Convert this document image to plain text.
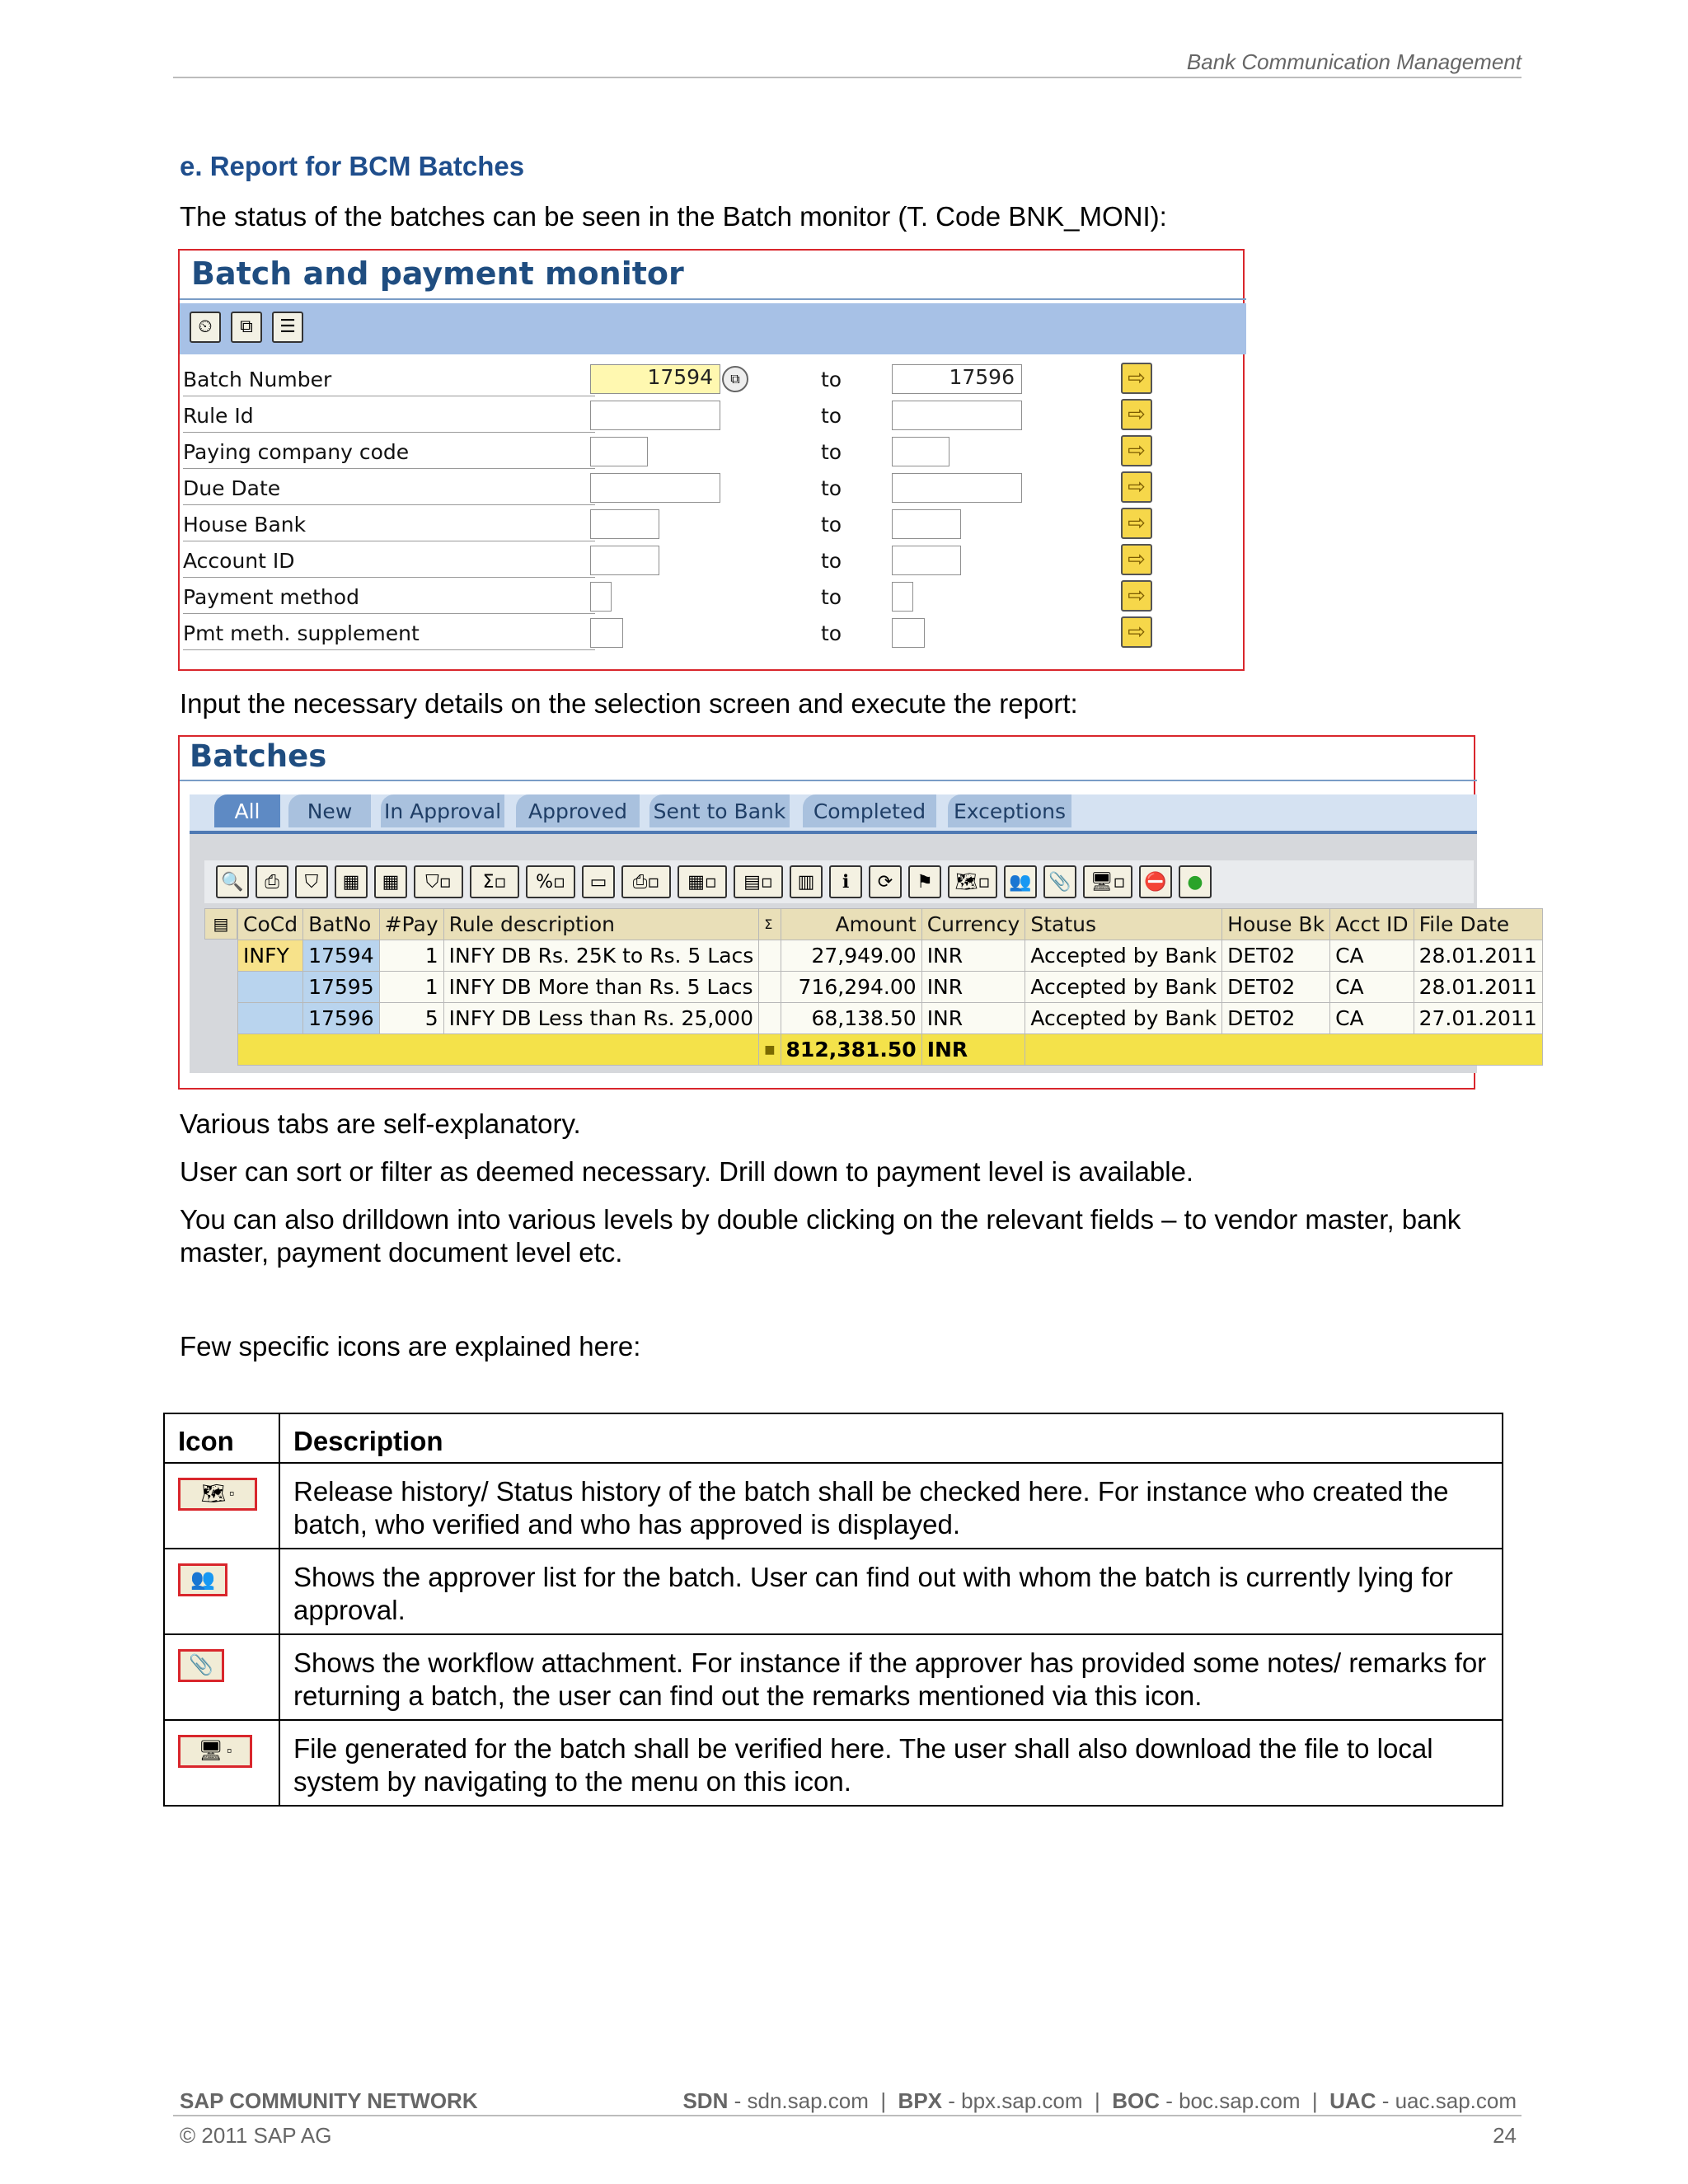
Bank Communication Management
e. Report for BCM Batches
The status of the batches can be seen in the Batch monitor (T. Code BNK_MONI):
Batch and payment monitor
⏲	⧉	☰
Batch Number	17594	⧉	to	17596	⇨
Rule Id	to	⇨
Paying company code	to	⇨
Due Date	to	⇨
House Bank	to	⇨
Account ID	to	⇨
Payment method	to	⇨
Pmt meth. supplement	to	⇨
Input the necessary details on the selection screen and execute the report:
Batches
All	New	In Approval	Approved	Sent to Bank	Completed	Exceptions
🔍	⎙	⛉	▦	▦	⛉▫	Σ▫	%▫	▭	⎙▫	▦▫	▤▫	▥	ℹ	⟳	⚑	🗺▫	👥 📎	🖥▫	⛔	●
▤ CoCd	BatNo	#Pay	Rule description	Σ	Amount	Currency	Status	House Bk	Acct ID	File Date
INFY	17594	1	INFY DB Rs. 25K to Rs. 5 Lacs		27,949.00	INR	Accepted by Bank	DET02	CA	28.01.2011
	17595	1	INFY DB More than Rs. 5 Lacs		716,294.00	INR	Accepted by Bank	DET02	CA	28.01.2011
	17596	5	INFY DB Less than Rs. 25,000		68,138.50	INR	Accepted by Bank	DET02	CA	27.01.2011
				■	812,381.50	INR				
Various tabs are self-explanatory.
User can sort or filter as deemed necessary. Drill down to payment level is available.
You can also drilldown into various levels by double clicking on the relevant fields – to vendor master, bank master, payment document level etc.
Few specific icons are explained here:
Icon	Description
🗺 ▫	Release history/ Status history of the batch shall be checked here. For instance who created the batch, who verified and who has approved is displayed.
👥	Shows the approver list for the batch. User can find out with whom the batch is currently lying for approval.
📎	Shows the workflow attachment. For instance if the approver has provided some notes/ remarks for returning a batch, the user can find out the remarks mentioned via this icon.
🖥 ▫	File generated for the batch shall be verified here. The user shall also download the file to local system by navigating to the menu on this icon.
SAP COMMUNITY NETWORK	SDN - sdn.sap.com  |  BPX - bpx.sap.com  |  BOC - boc.sap.com  |  UAC - uac.sap.com
© 2011 SAP AG	24
